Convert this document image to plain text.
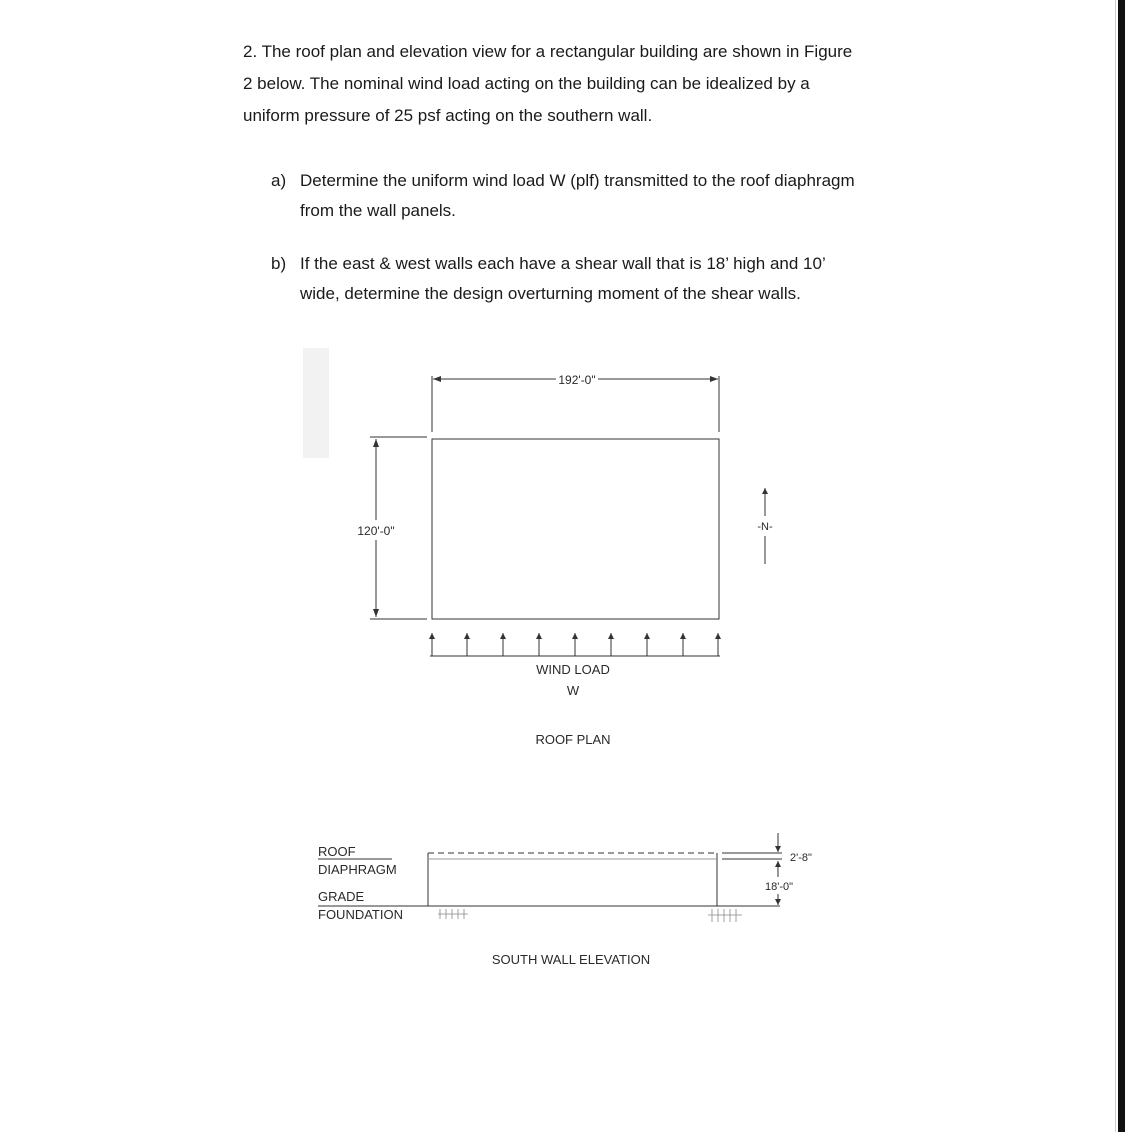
2. The roof plan and elevation view for a rectangular building are shown in Figure 2 below. The nominal wind load acting on the building can be idealized by a uniform pressure of 25 psf acting on the southern wall.

a) Determine the uniform wind load W (plf) transmitted to the roof diaphragm from the wall panels.
b) If the east & west walls each have a shear wall that is 18’ high and 10’ wide, determine the design overturning moment of the shear walls.
192'-0"
120'-0"	-N-
WIND LOAD
W
ROOF PLAN
ROOF
DIAPHRAGM
GRADE
FOUNDATION
2'-8"
18'-0"
SOUTH WALL ELEVATION
